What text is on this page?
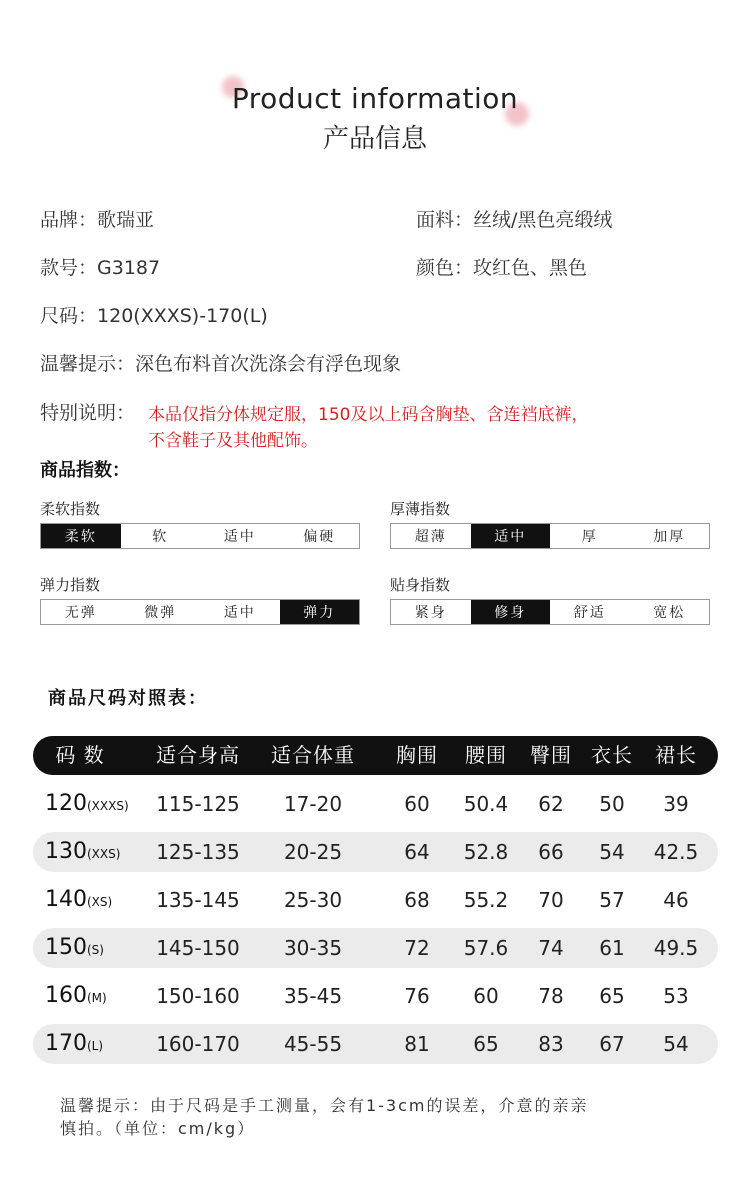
Product information
产品信息
品牌：歌瑞亚	面料：丝绒/黑色亮缎绒
款号：G3187	颜色：玫红色、黑色
尺码：120(XXXS)-170(L)
温馨提示：深色布料首次洗涤会有浮色现象
特别说明： 本品仅指分体规定服，150及以上码含胸垫、含连裆底裤，
不含鞋子及其他配饰。
商品指数：
柔软指数
柔软	软	适中	偏硬
厚薄指数
超薄	适中	厚	加厚
弹力指数
无弹	微弹	适中	弹力
贴身指数
紧身	修身	舒适	宽松
商品尺码对照表：
码 数	适合身高	适合体重	胸围	腰围	臀围 衣长	裙长
120(XXXS)	115-125	17-20	60	50.4	62	50	39
130(XXS)	125-135	20-25	64	52.8	66	54	42.5
140(XS)	135-145	25-30	68	55.2	70	57	46
150(S)	145-150	30-35	72	57.6	74	61	49.5
160(M)	150-160	35-45	76	60	78	65	53
170(L)	160-170	45-55	81	65	83	67	54
温馨提示：由于尺码是手工测量，会有1-3cm的误差，介意的亲亲
慎拍。（单位：cm/kg）
